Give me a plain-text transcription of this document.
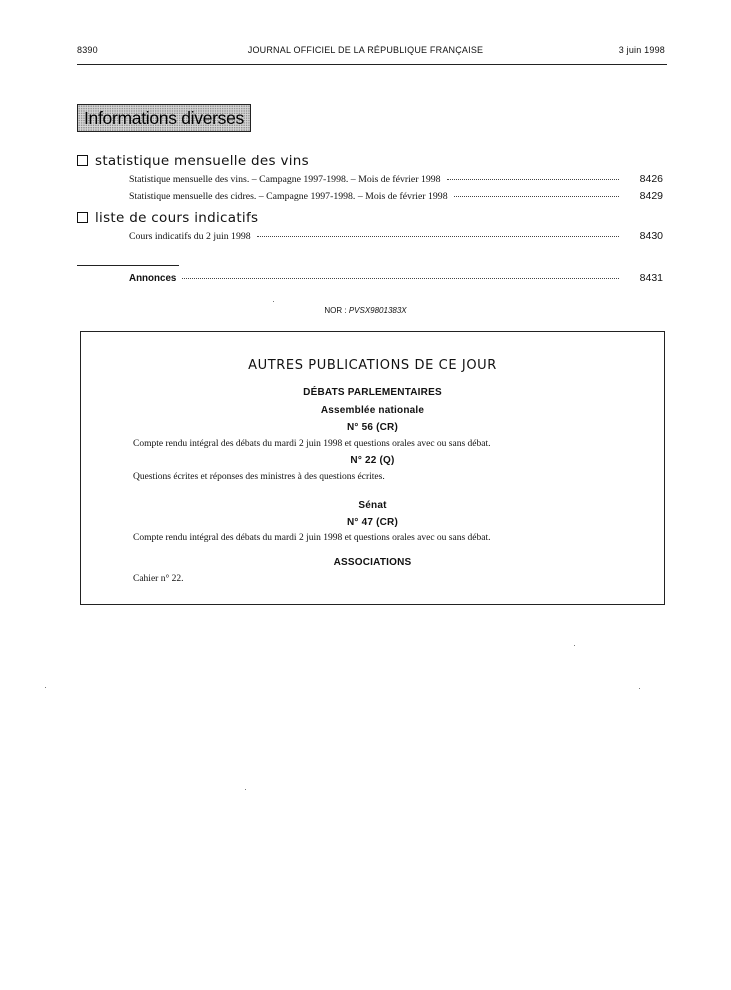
8390	JOURNAL OFFICIEL DE LA RÉPUBLIQUE FRANÇAISE	3 juin 1998
Informations diverses
statistique mensuelle des vins
Statistique mensuelle des vins. – Campagne 1997-1998. – Mois de février 1998	8426
Statistique mensuelle des cidres. – Campagne 1997-1998. – Mois de février 1998	8429
liste de cours indicatifs
Cours indicatifs du 2 juin 1998	8430
Annonces	8431
NOR : PVSX9801383X
AUTRES PUBLICATIONS DE CE JOUR
DÉBATS PARLEMENTAIRES
Assemblée nationale
N° 56 (CR)
Compte rendu intégral des débats du mardi 2 juin 1998 et questions orales avec ou sans débat.
N° 22 (Q)
Questions écrites et réponses des ministres à des questions écrites.
Sénat
N° 47 (CR)
Compte rendu intégral des débats du mardi 2 juin 1998 et questions orales avec ou sans débat.
ASSOCIATIONS
Cahier n° 22.
